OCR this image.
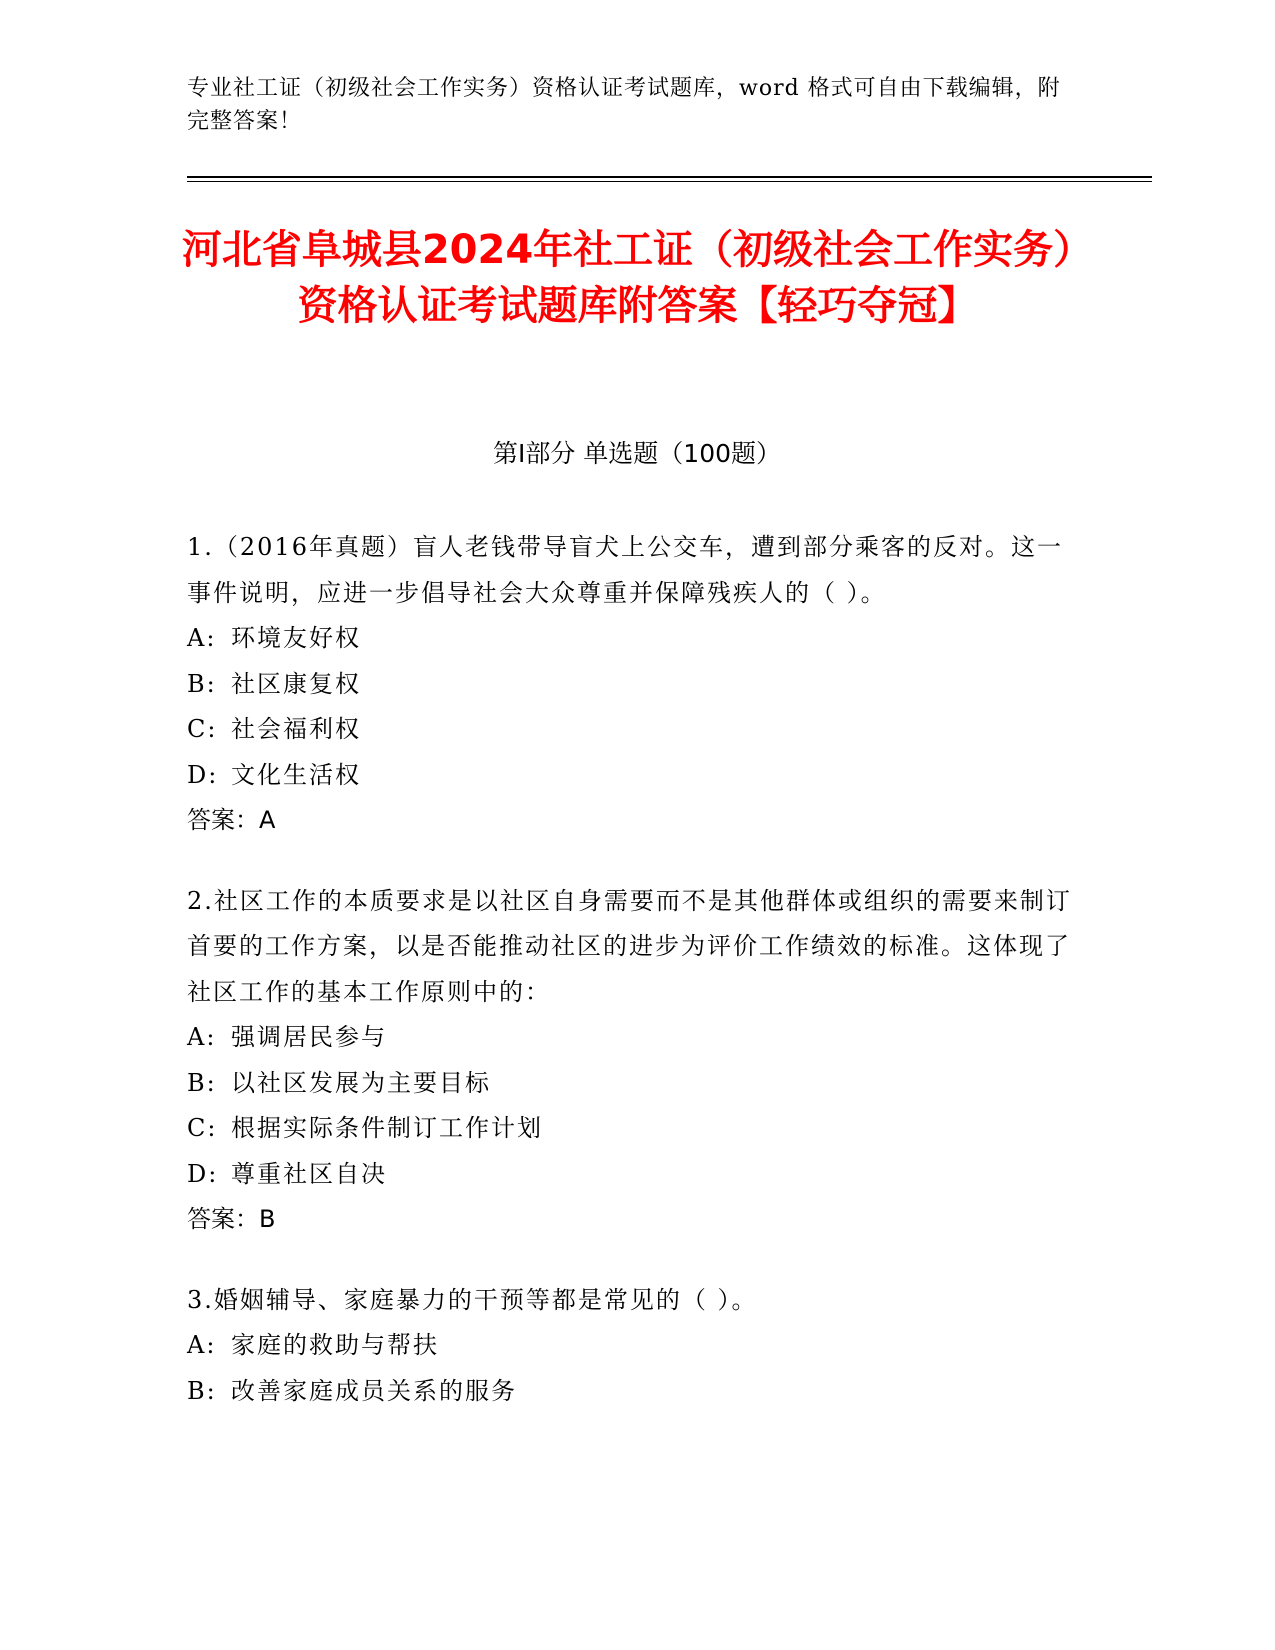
专业社工证（初级社会工作实务）资格认证考试题库，word 格式可自由下载编辑，附完整答案！
河北省阜城县2024年社工证（初级社会工作实务）资格认证考试题库附答案【轻巧夺冠】
第I部分 单选题（100题）
1.（2016年真题）盲人老钱带导盲犬上公交车，遭到部分乘客的反对。这一事件说明，应进一步倡导社会大众尊重并保障残疾人的（ ）。
A: 环境友好权
B: 社区康复权
C: 社会福利权
D: 文化生活权
答案：A
2.社区工作的本质要求是以社区自身需要而不是其他群体或组织的需要来制订首要的工作方案，以是否能推动社区的进步为评价工作绩效的标准。这体现了社区工作的基本工作原则中的：
A: 强调居民参与
B: 以社区发展为主要目标
C: 根据实际条件制订工作计划
D: 尊重社区自决
答案：B
3.婚姻辅导、家庭暴力的干预等都是常见的（ ）。
A: 家庭的救助与帮扶
B: 改善家庭成员关系的服务
